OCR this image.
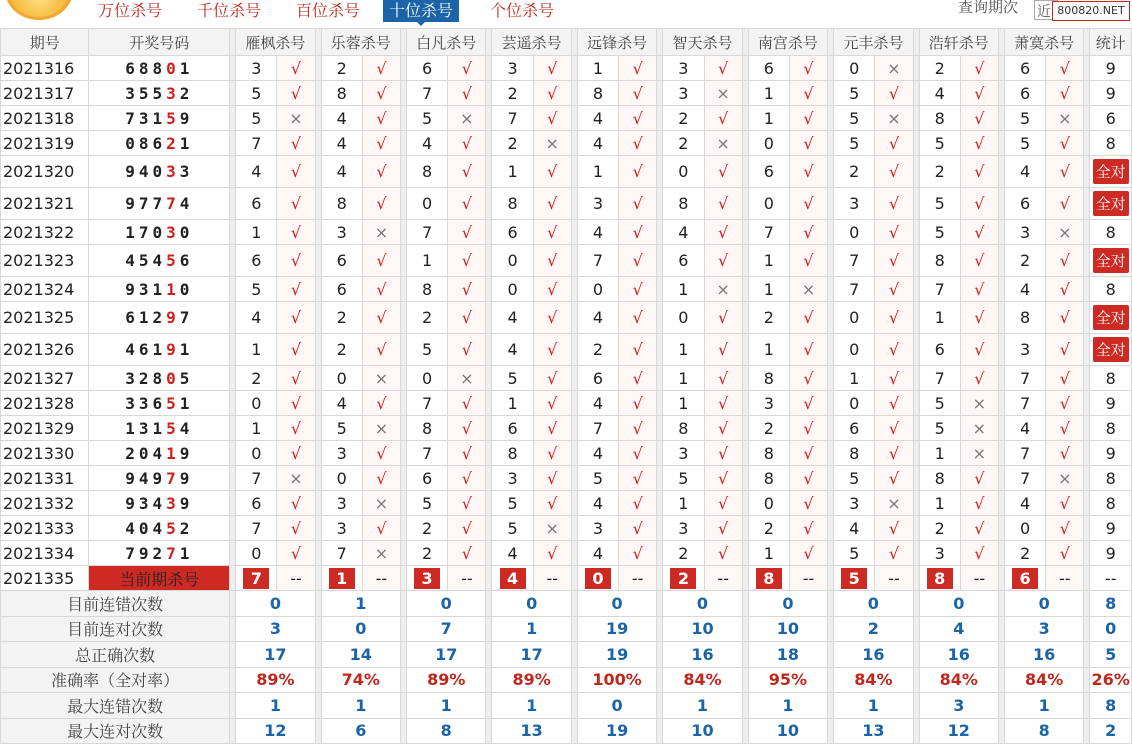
万位杀号	千位杀号	百位杀号	十位杀号	个位杀号	查询期次 近 800820.NET
期号	开奖号码		雁枫杀号			乐蓉杀号			白凡杀号			芸遥杀号			远锋杀号			智天杀号			南宫杀号			元丰杀号			浩轩杀号			萧寞杀号			统计
2021316	68801		3	√		2	√		6	√		3	√		1	√		3	√		6	√		0	×		2	√		6	√		9
2021317	35532		5	√		8	√		7	√		2	√		8	√		3	×		1	√		5	√		4	√		6	√		9
2021318	73159		5	×		4	√		5	×		7	√		4	√		2	√		1	√		5	×		8	√		5	×		6
2021319	08621		7	√		4	√		4	√		2	×		4	√		2	×		0	√		5	√		5	√		5	√		8
2021320	94033		4	√		4	√		8	√		1	√		1	√		0	√		6	√		2	√		2	√		4	√		全对
2021321	97774		6	√		8	√		0	√		8	√		3	√		8	√		0	√		3	√		5	√		6	√		全对
2021322	17030		1	√		3	×		7	√		6	√		4	√		4	√		7	√		0	√		5	√		3	×		8
2021323	45456		6	√		6	√		1	√		0	√		7	√		6	√		1	√		7	√		8	√		2	√		全对
2021324	93110		5	√		6	√		8	√		0	√		0	√		1	×		1	×		7	√		7	√		4	√		8
2021325	61297		4	√		2	√		2	√		4	√		4	√		0	√		2	√		0	√		1	√		8	√		全对
2021326	46191		1	√		2	√		5	√		4	√		2	√		1	√		1	√		0	√		6	√		3	√		全对
2021327	32805		2	√		0	×		0	×		5	√		6	√		1	√		8	√		1	√		7	√		7	√		8
2021328	33651		0	√		4	√		7	√		1	√		4	√		1	√		3	√		0	√		5	×		7	√		9
2021329	13154		1	√		5	×		8	√		6	√		7	√		8	√		2	√		6	√		5	×		4	√		8
2021330	20419		0	√		3	√		7	√		8	√		4	√		3	√		8	√		8	√		1	×		7	√		9
2021331	94979		7	×		0	√		6	√		3	√		5	√		5	√		8	√		5	√		8	√		7	×		8
2021332	93439		6	√		3	×		5	√		5	√		4	√		1	√		0	√		3	×		1	√		4	√		8
2021333	40452		7	√		3	√		2	√		5	×		3	√		3	√		2	√		4	√		2	√		0	√		9
2021334	79271		0	√		7	×		2	√		4	√		4	√		2	√		1	√		5	√		3	√		2	√		9
2021335	当前期杀号		7	--		1	--		3	--		4	--		0	--		2	--		8	--		5	--		8	--		6	--		--
目前连错次数			0			1			0			0			0			0			0			0			0			0			8
目前连对次数			3			0			7			1			19			10			10			2			4			3			0
总正确次数			17			14			17			17			19			16			18			16			16			16			5
准确率（全对率）			89%			74%			89%			89%			100%			84%			95%			84%			84%			84%			26%
最大连错次数			1			1			1			1			0			1			1			1			3			1			8
最大连对次数			12			6			8			13			19			10			10			13			12			8			2
